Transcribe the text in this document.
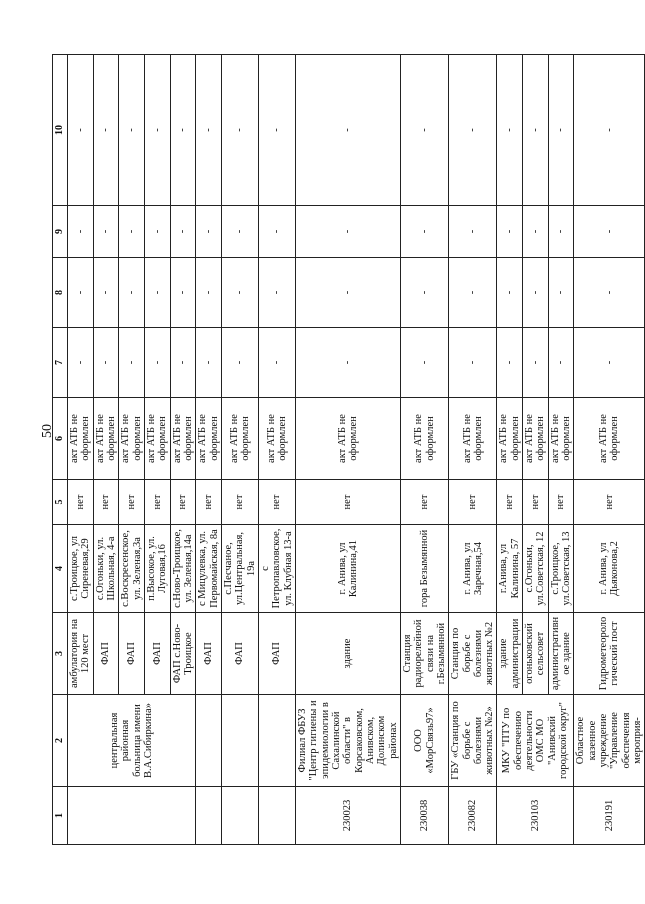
50
1	2	3	4	5	6	7	8	9	10
	центральная районная больница имени В.А.Сибиркина»	амбулатория на 120 мест	с.Троицкое, ул Сиреневая,29	нет	акт АТБ не оформлен	-	-	-	-
		ФАП	с.Огоньки, ул. Школьная, 4-а	нет	акт АТБ не оформлен	-	-	-	-
		ФАП	с.Воскресенское, ул. Зеленая,3а	нет	акт АТБ не оформлен	-	-	-	-
		ФАП	п.Высокое, ул. Луговая,16	нет	акт АТБ не оформлен	-	-	-	-
		ФАП с.Ново-Троицкое	с.Ново-Троицкое, ул. Зеленая,14а	нет	акт АТБ не оформлен	-	-	-	-
		ФАП	с Мицулевка, ул. Первомайская, 8а	нет	акт АТБ не оформлен	-	-	-	-
		ФАП	с.Песчаное, ул.Центральная, 19а	нет	акт АТБ не оформлен	-	-	-	-
		ФАП	с Петропавловское, ул. Клубная 13-а	нет	акт АТБ не оформлен	-	-	-	-
230023	Филиал ФБУЗ "Центр гигиены и эпидемиологии в Сахалинской области" в Корсаковском, Анивском, Долинском районах	здание	г. Анива, ул Калинина,41	нет	акт АТБ не оформлен	-	-	-	-
230038	ООО «МорСвязь97»	Станция радиорелейной связи на г.Безымянной	гора Безымянной	нет	акт АТБ не оформлен	-	-	-	-
230082	ГБУ «Станция по борьбе с болезнями животных №2»	Станция по борьбе с болезнями животных №2	г. Анива, ул Заречная,54	нет	акт АТБ не оформлен	-	-	-	-
230103	МКУ "ПТУ по обеспечению деятельности ОМС МО "Анивский городской округ"	здание администрации	г.Анива, ул Калинина, 57	нет	акт АТБ не оформлен	-	-	-	-
		огоньковский сельсовет	с.Огоньки, ул.Советская, 12	нет	акт АТБ не оформлен	-	-	-	-
		административное здание	с.Троицкое, ул.Советская, 13	нет	акт АТБ не оформлен	-	-	-	-
230191	Областное казенное учреждение "Управление обеспечения мероприя-	Гидрометеорологический пост	г. Анива, ул Дьяконова,2	нет	акт АТБ не оформлен	-	-	-	-
